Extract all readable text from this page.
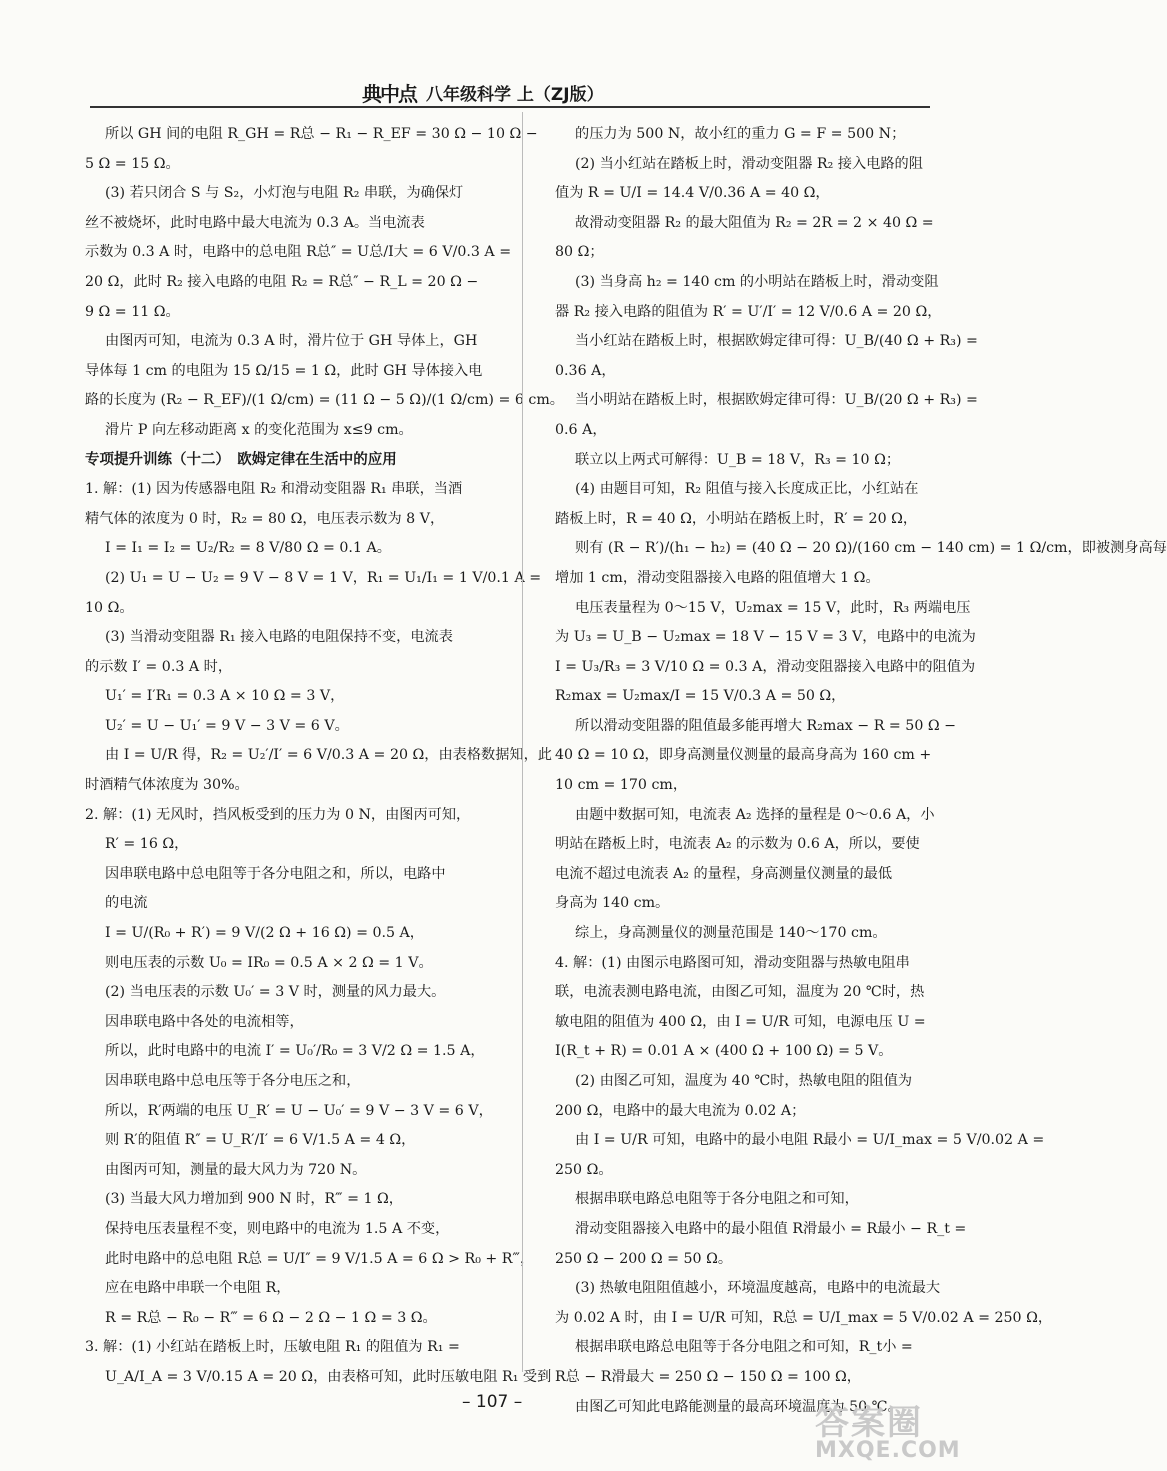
典中点 八年级科学 上（ZJ版）
所以 GH 间的电阻 R_GH = R总 − R₁ − R_EF = 30 Ω − 10 Ω −
5 Ω = 15 Ω。
(3) 若只闭合 S 与 S₂，小灯泡与电阻 R₂ 串联，为确保灯
丝不被烧坏，此时电路中最大电流为 0.3 A。当电流表
示数为 0.3 A 时，电路中的总电阻 R总″ = U总/I大 = 6 V/0.3 A =
20 Ω，此时 R₂ 接入电路的电阻 R₂ = R总″ − R_L = 20 Ω −
9 Ω = 11 Ω。
由图丙可知，电流为 0.3 A 时，滑片位于 GH 导体上，GH
导体每 1 cm 的电阻为 15 Ω/15 = 1 Ω，此时 GH 导体接入电
路的长度为 (R₂ − R_EF)/(1 Ω/cm) = (11 Ω − 5 Ω)/(1 Ω/cm) = 6 cm。
滑片 P 向左移动距离 x 的变化范围为 x≤9 cm。
专项提升训练（十二）　欧姆定律在生活中的应用
1. 解：(1) 因为传感器电阻 R₂ 和滑动变阻器 R₁ 串联，当酒
精气体的浓度为 0 时，R₂ = 80 Ω，电压表示数为 8 V，
I = I₁ = I₂ = U₂/R₂ = 8 V/80 Ω = 0.1 A。
(2) U₁ = U − U₂ = 9 V − 8 V = 1 V，R₁ = U₁/I₁ = 1 V/0.1 A =
10 Ω。
(3) 当滑动变阻器 R₁ 接入电路的电阻保持不变，电流表
的示数 I′ = 0.3 A 时，
U₁′ = I′R₁ = 0.3 A × 10 Ω = 3 V，
U₂′ = U − U₁′ = 9 V − 3 V = 6 V。
由 I = U/R 得，R₂ = U₂′/I′ = 6 V/0.3 A = 20 Ω，由表格数据知，此
时酒精气体浓度为 30%。
2. 解：(1) 无风时，挡风板受到的压力为 0 N，由图丙可知，
R′ = 16 Ω，
因串联电路中总电阻等于各分电阻之和，所以，电路中
的电流
I = U/(R₀ + R′) = 9 V/(2 Ω + 16 Ω) = 0.5 A，
则电压表的示数 U₀ = IR₀ = 0.5 A × 2 Ω = 1 V。
(2) 当电压表的示数 U₀′ = 3 V 时，测量的风力最大。
因串联电路中各处的电流相等，
所以，此时电路中的电流 I′ = U₀′/R₀ = 3 V/2 Ω = 1.5 A，
因串联电路中总电压等于各分电压之和，
所以，R′两端的电压 U_R′ = U − U₀′ = 9 V − 3 V = 6 V，
则 R′的阻值 R″ = U_R′/I′ = 6 V/1.5 A = 4 Ω，
由图丙可知，测量的最大风力为 720 N。
(3) 当最大风力增加到 900 N 时，R‴ = 1 Ω，
保持电压表量程不变，则电路中的电流为 1.5 A 不变，
此时电路中的总电阻 R总 = U/I″ = 9 V/1.5 A = 6 Ω > R₀ + R‴，
应在电路中串联一个电阻 R，
R = R总 − R₀ − R‴ = 6 Ω − 2 Ω − 1 Ω = 3 Ω。
3. 解：(1) 小红站在踏板上时，压敏电阻 R₁ 的阻值为 R₁ =
U_A/I_A = 3 V/0.15 A = 20 Ω，由表格可知，此时压敏电阻 R₁ 受到
的压力为 500 N，故小红的重力 G = F = 500 N；
(2) 当小红站在踏板上时，滑动变阻器 R₂ 接入电路的阻
值为 R = U/I = 14.4 V/0.36 A = 40 Ω，
故滑动变阻器 R₂ 的最大阻值为 R₂ = 2R = 2 × 40 Ω =
80 Ω；
(3) 当身高 h₂ = 140 cm 的小明站在踏板上时，滑动变阻
器 R₂ 接入电路的阻值为 R′ = U′/I′ = 12 V/0.6 A = 20 Ω，
当小红站在踏板上时，根据欧姆定律可得：U_B/(40 Ω + R₃) =
0.36 A，
当小明站在踏板上时，根据欧姆定律可得：U_B/(20 Ω + R₃) =
0.6 A，
联立以上两式可解得：U_B = 18 V，R₃ = 10 Ω；
(4) 由题目可知，R₂ 阻值与接入长度成正比，小红站在
踏板上时，R = 40 Ω，小明站在踏板上时，R′ = 20 Ω，
则有 (R − R′)/(h₁ − h₂) = (40 Ω − 20 Ω)/(160 cm − 140 cm) = 1 Ω/cm，即被测身高每
增加 1 cm，滑动变阻器接入电路的阻值增大 1 Ω。
电压表量程为 0～15 V，U₂max = 15 V，此时，R₃ 两端电压
为 U₃ = U_B − U₂max = 18 V − 15 V = 3 V，电路中的电流为
I = U₃/R₃ = 3 V/10 Ω = 0.3 A，滑动变阻器接入电路中的阻值为
R₂max = U₂max/I = 15 V/0.3 A = 50 Ω，
所以滑动变阻器的阻值最多能再增大 R₂max − R = 50 Ω −
40 Ω = 10 Ω，即身高测量仪测量的最高身高为 160 cm +
10 cm = 170 cm，
由题中数据可知，电流表 A₂ 选择的量程是 0～0.6 A，小
明站在踏板上时，电流表 A₂ 的示数为 0.6 A，所以，要使
电流不超过电流表 A₂ 的量程，身高测量仪测量的最低
身高为 140 cm。
综上，身高测量仪的测量范围是 140～170 cm。
4. 解：(1) 由图示电路图可知，滑动变阻器与热敏电阻串
联，电流表测电路电流，由图乙可知，温度为 20 ℃时，热
敏电阻的阻值为 400 Ω，由 I = U/R 可知，电源电压 U =
I(R_t + R) = 0.01 A × (400 Ω + 100 Ω) = 5 V。
(2) 由图乙可知，温度为 40 ℃时，热敏电阻的阻值为
200 Ω，电路中的最大电流为 0.02 A；
由 I = U/R 可知，电路中的最小电阻 R最小 = U/I_max = 5 V/0.02 A =
250 Ω。
根据串联电路总电阻等于各分电阻之和可知，
滑动变阻器接入电路中的最小阻值 R滑最小 = R最小 − R_t =
250 Ω − 200 Ω = 50 Ω。
(3) 热敏电阻阻值越小，环境温度越高，电路中的电流最大
为 0.02 A 时，由 I = U/R 可知，R总 = U/I_max = 5 V/0.02 A = 250 Ω，
根据串联电路总电阻等于各分电阻之和可知，R_t小 =
R总 − R滑最大 = 250 Ω − 150 Ω = 100 Ω，
由图乙可知此电路能测量的最高环境温度为 50 ℃。
– 107 –
答案圈
MXQE.COM
